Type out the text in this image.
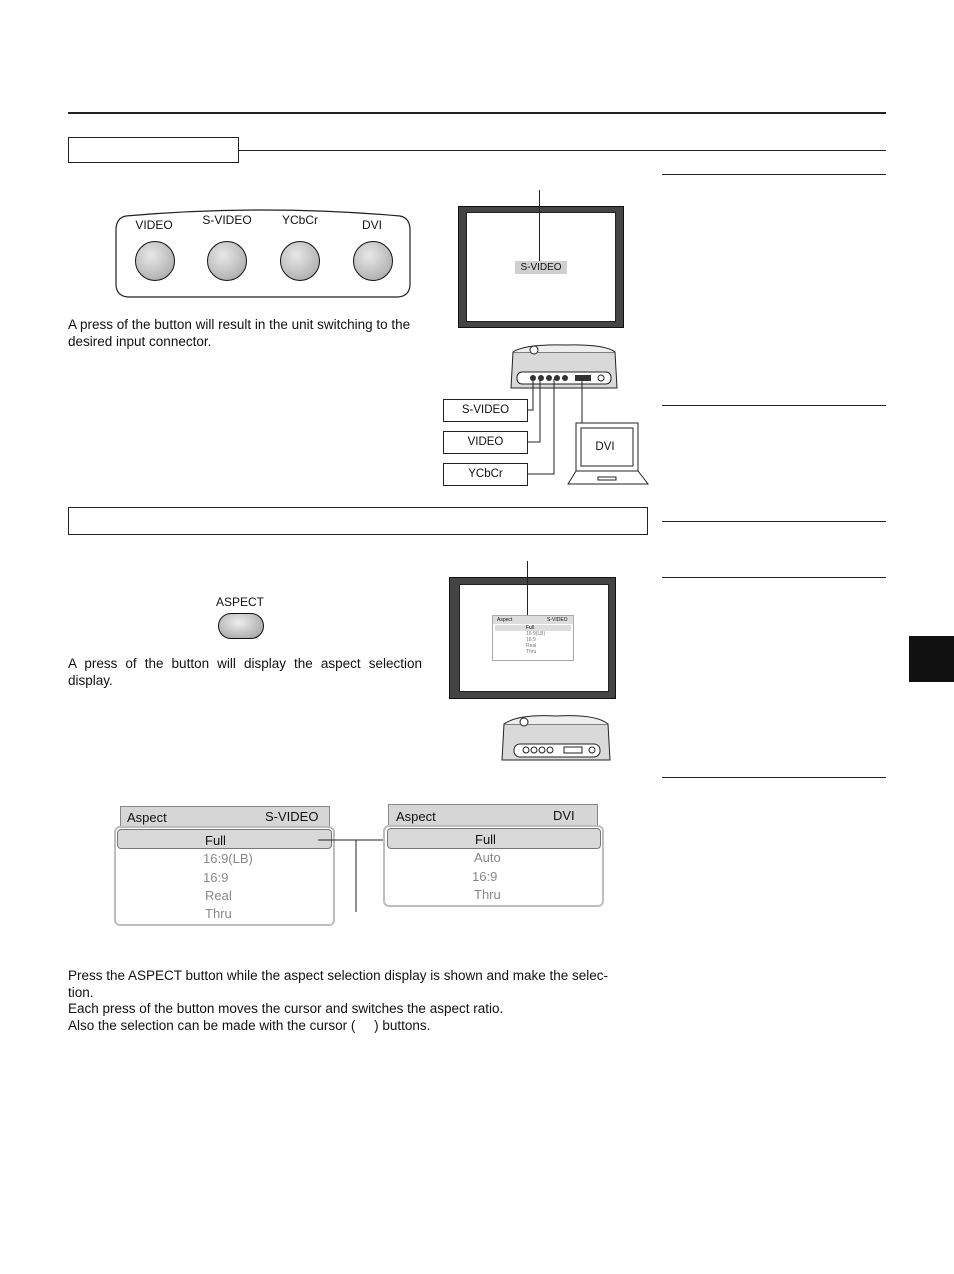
VIDEO	S-VIDEO	YCbCr	DVI

A press of the button will result in the unit switching to the desired input connector.

S-VIDEO
S-VIDEO
VIDEO
YCbCr
DVI
ASPECT

A press of the button will display the aspect selection display.

Aspect	S-VIDEO
Full
16:9(LB)
16:9
Real
Thru
Aspect	S-VIDEO
Full
16:9(LB)
16:9
Real
Thru
Aspect	DVI
Full
Auto
16:9
Thru
Press the ASPECT button while the aspect selection display is shown and make the selec-
tion.
Each press of the button moves the cursor and switches the aspect ratio.
Also the selection can be made with the cursor (     ) buttons.
